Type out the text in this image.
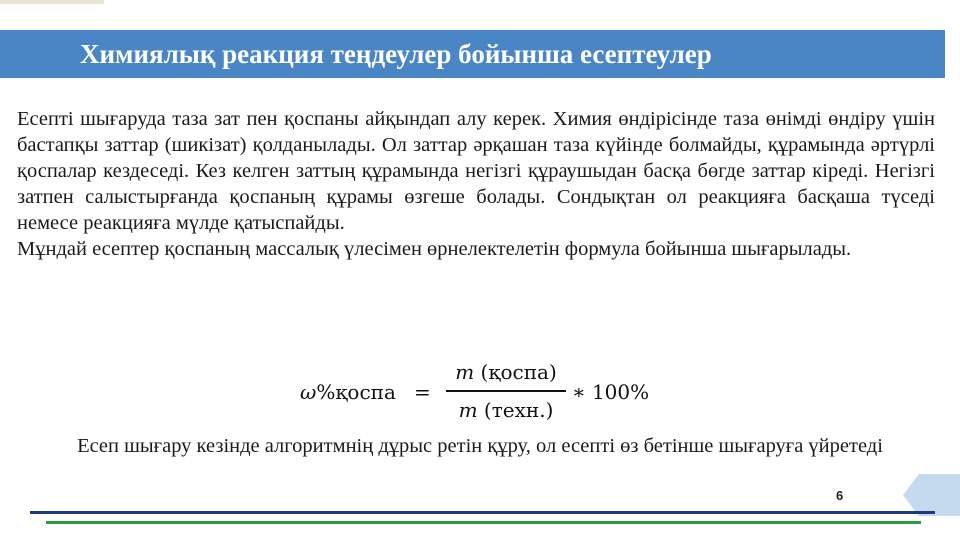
Химиялық реакция теңдеулер бойынша есептеулер

Есепті шығаруда таза зат пен қоспаны айқындап алу керек. Химия өндірісінде таза өнімді өндіру үшін бастапқы заттар (шикізат) қолданылады. Ол заттар әрқашан таза күйінде болмайды, құрамында әртүрлі қоспалар кездеседі. Кез келген заттың құрамында негізгі құраушыдан басқа бөгде заттар кіреді. Негізгі затпен салыстырғанда қоспаның құрамы өзгеше болады. Сондықтан ол реакцияға басқаша түседі немесе реакцияға мүлде қатыспайды.

Мұндай есептер қоспаның массалық үлесімен өрнелектелетін формула бойынша шығарылады.

ω%қоспа =
m (қоспа)
m (техн.)
∗ 100%
Есеп шығару кезінде алгоритмнің дұрыс ретін құру, ол есепті өз бетінше шығаруға үйретеді
6
